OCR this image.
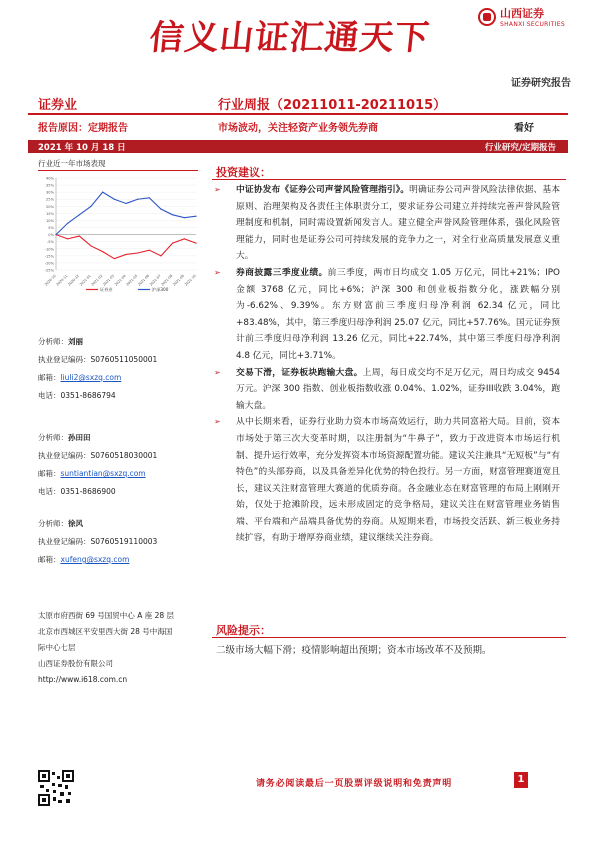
信义山证汇通天下
山西证券
SHANXI SECURITIES
证券研究报告
证券业	行业周报（20211011-20211015）
报告原因：定期报告	市场波动，关注轻资产业务领先券商	看好
2021 年 10 月 18 日	行业研究/定期报告
行业近一年市场表现
40%
35%
30%
25%
20%
15%
10%
5%
0%
-5%
-10%
-15%
-20%
-25%
2020-10
2020-11
2020-12
2021-01
2021-02
2021-03
2021-04
2021-05
2021-06
2021-07
2021-08
2021-09
2021-10
证券业	沪深300
分析师：刘丽
执业登记编码：S0760511050001
邮箱：liuli2@sxzq.com
电话：0351-8686794
分析师：孙田田
执业登记编码：S0760518030001
邮箱：suntiantian@sxzq.com
电话：0351-8686900
分析师：徐风
执业登记编码：S0760519110003
邮箱：xufeng@sxzq.com
太原市府西街 69 号国贸中心 A 座 28 层
北京市西城区平安里西大街 28 号中海国
际中心七层
山西证券股份有限公司
http://www.i618.com.cn
投资建议：

➢ 中证协发布《证券公司声誉风险管理指引》。明确证券公司声誉风险法律依据、基本原则、治理架构及各责任主体职责分工，要求证券公司建立并持续完善声誉风险管理制度和机制，同时需设置新闻发言人。建立健全声誉风险管理体系，强化风险管理能力，同时也是证券公司可持续发展的竞争力之一，对全行业高质量发展意义重大。

➢ 券商披露三季度业绩。前三季度，两市日均成交 1.05 万亿元，同比+21%；IPO 金额 3768 亿元，同比+6%；沪深 300 和创业板指数分化，涨跌幅分别为-6.62%、9.39%。东方财富前三季度归母净利润 62.34 亿元，同比+83.48%，其中，第三季度归母净利润 25.07 亿元，同比+57.76%。国元证券预计前三季度归母净利润 13.26 亿元，同比+22.74%，其中第三季度归母净利润 4.8 亿元，同比+3.71%。

➢ 交易下滑，证券板块跑输大盘。上周，每日成交均不足万亿元，周日均成交 9454 万元。沪深 300 指数、创业板指数收涨 0.04%、1.02%，证券III收跌 3.04%，跑输大盘。

➢ 从中长期来看，证券行业助力资本市场高效运行，助力共同富裕大局。目前，资本市场处于第三次大变革时期，以注册制为“牛鼻子”，致力于改进资本市场运行机制、提升运行效率，充分发挥资本市场资源配置功能。建议关注兼具“无短板”与“有特色”的头部券商，以及具备差异化优势的特色投行。另一方面，财富管理赛道宽且长，建议关注财富管理大赛道的优质券商。各金融业态在财富管理的布局上刚刚开始，仅处于抢滩阶段，远未形成固定的竞争格局，建议关注在财富管理业务销售端、平台端和产品端具备优势的券商。从短期来看，市场投交活跃、新三板业务持续扩容，有助于增厚券商业绩，建议继续关注券商。

风险提示：
二级市场大幅下滑；疫情影响超出预期；资本市场改革不及预期。
请务必阅读最后一页股票评级说明和免责声明	1
